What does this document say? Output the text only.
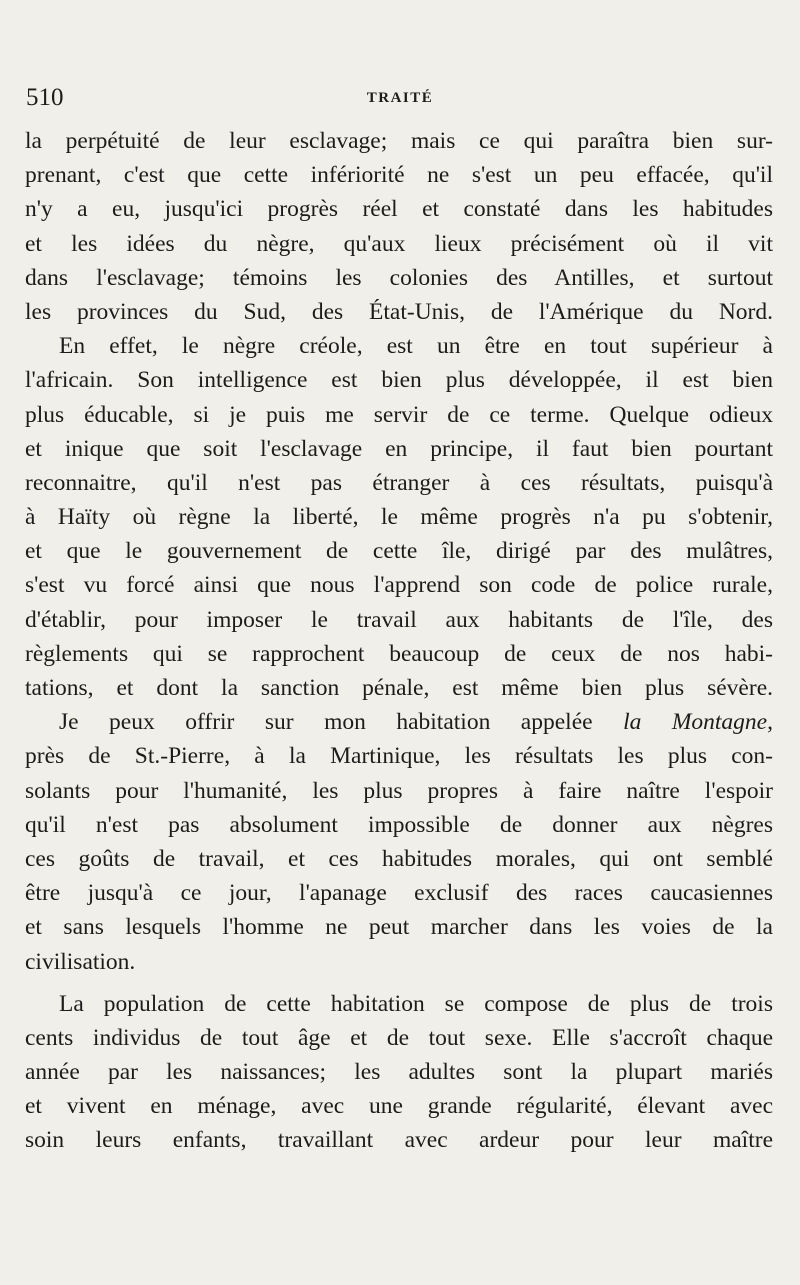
510	TRAITÉ
la perpétuité de leur esclavage; mais ce qui paraîtra bien sur-
prenant, c'est que cette infériorité ne s'est un peu effacée, qu'il
n'y a eu, jusqu'ici progrès réel et constaté dans les habitudes
et les idées du nègre, qu'aux lieux précisément où il vit
dans l'esclavage; témoins les colonies des Antilles, et surtout
les provinces du Sud, des État-Unis, de l'Amérique du Nord.
En effet, le nègre créole, est un être en tout supérieur à
l'africain. Son intelligence est bien plus développée, il est bien
plus éducable, si je puis me servir de ce terme. Quelque odieux
et inique que soit l'esclavage en principe, il faut bien pourtant
reconnaitre, qu'il n'est pas étranger à ces résultats, puisqu'à
à Haïty où règne la liberté, le même progrès n'a pu s'obtenir,
et que le gouvernement de cette île, dirigé par des mulâtres,
s'est vu forcé ainsi que nous l'apprend son code de police rurale,
d'établir, pour imposer le travail aux habitants de l'île, des
règlements qui se rapprochent beaucoup de ceux de nos habi-
tations, et dont la sanction pénale, est même bien plus sévère.
Je peux offrir sur mon habitation appelée la Montagne,
près de St.-Pierre, à la Martinique, les résultats les plus con-
solants pour l'humanité, les plus propres à faire naître l'espoir
qu'il n'est pas absolument impossible de donner aux nègres
ces goûts de travail, et ces habitudes morales, qui ont semblé
être jusqu'à ce jour, l'apanage exclusif des races caucasiennes
et sans lesquels l'homme ne peut marcher dans les voies de la
civilisation.
La population de cette habitation se compose de plus de trois
cents individus de tout âge et de tout sexe. Elle s'accroît chaque
année par les naissances; les adultes sont la plupart mariés
et vivent en ménage, avec une grande régularité, élevant avec
soin leurs enfants, travaillant avec ardeur pour leur maître
